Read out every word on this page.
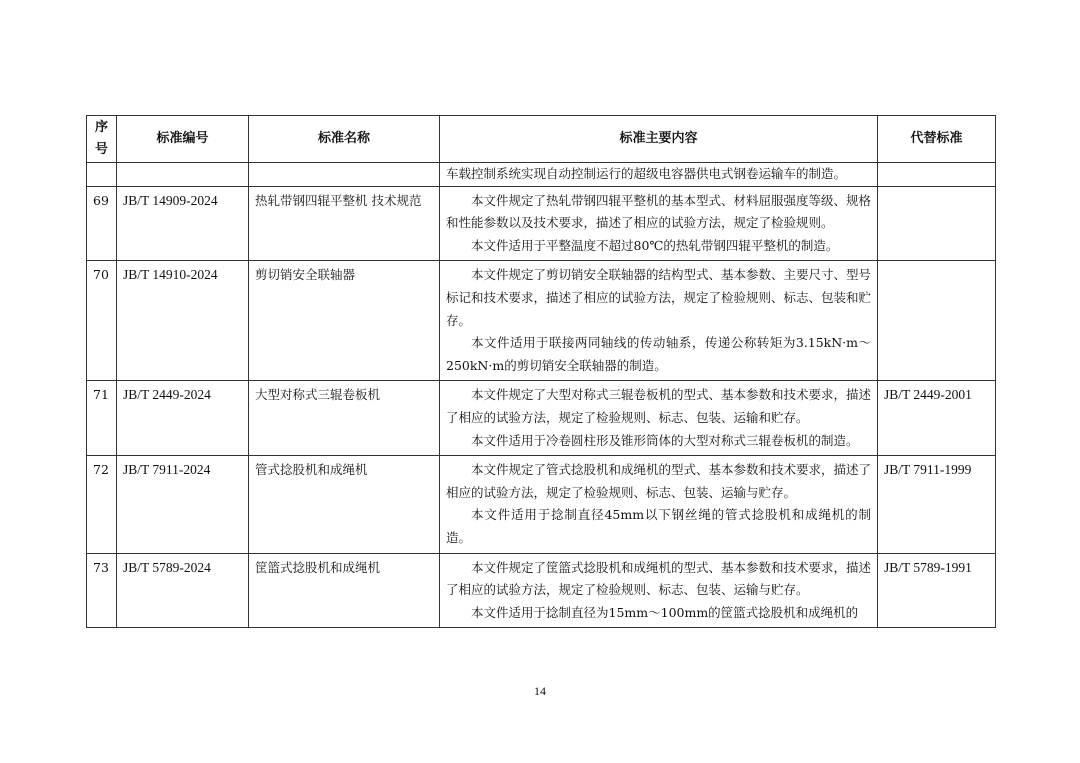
序号	标准编号	标准名称	标准主要内容	代替标准

			车载控制系统实现自动控制运行的超级电容器供电式钢卷运输车的制造。	

69	JB/T 14909-2024	热轧带钢四辊平整机 技术规范	本文件规定了热轧带钢四辊平整机的基本型式、材料屈服强度等级、规格和性能参数以及技术要求，描述了相应的试验方法，规定了检验规则。

本文件适用于平整温度不超过80℃的热轧带钢四辊平整机的制造。	

70	JB/T 14910-2024	剪切销安全联轴器	本文件规定了剪切销安全联轴器的结构型式、基本参数、主要尺寸、型号标记和技术要求，描述了相应的试验方法，规定了检验规则、标志、包装和贮存。

本文件适用于联接两同轴线的传动轴系，传递公称转矩为3.15kN·m～250kN·m的剪切销安全联轴器的制造。	

71	JB/T 2449-2024	大型对称式三辊卷板机	本文件规定了大型对称式三辊卷板机的型式、基本参数和技术要求，描述了相应的试验方法，规定了检验规则、标志、包装、运输和贮存。

本文件适用于冷卷圆柱形及锥形筒体的大型对称式三辊卷板机的制造。	JB/T 2449-2001
72	JB/T 7911-2024	管式捻股机和成绳机	本文件规定了管式捻股机和成绳机的型式、基本参数和技术要求，描述了相应的试验方法，规定了检验规则、标志、包装、运输与贮存。

本文件适用于捻制直径45mm以下钢丝绳的管式捻股机和成绳机的制造。	JB/T 7911-1999
73	JB/T 5789-2024	筐篮式捻股机和成绳机	本文件规定了筐篮式捻股机和成绳机的型式、基本参数和技术要求，描述了相应的试验方法，规定了检验规则、标志、包装、运输与贮存。

本文件适用于捻制直径为15mm～100mm的筐篮式捻股机和成绳机的	JB/T 5789-1991
14
